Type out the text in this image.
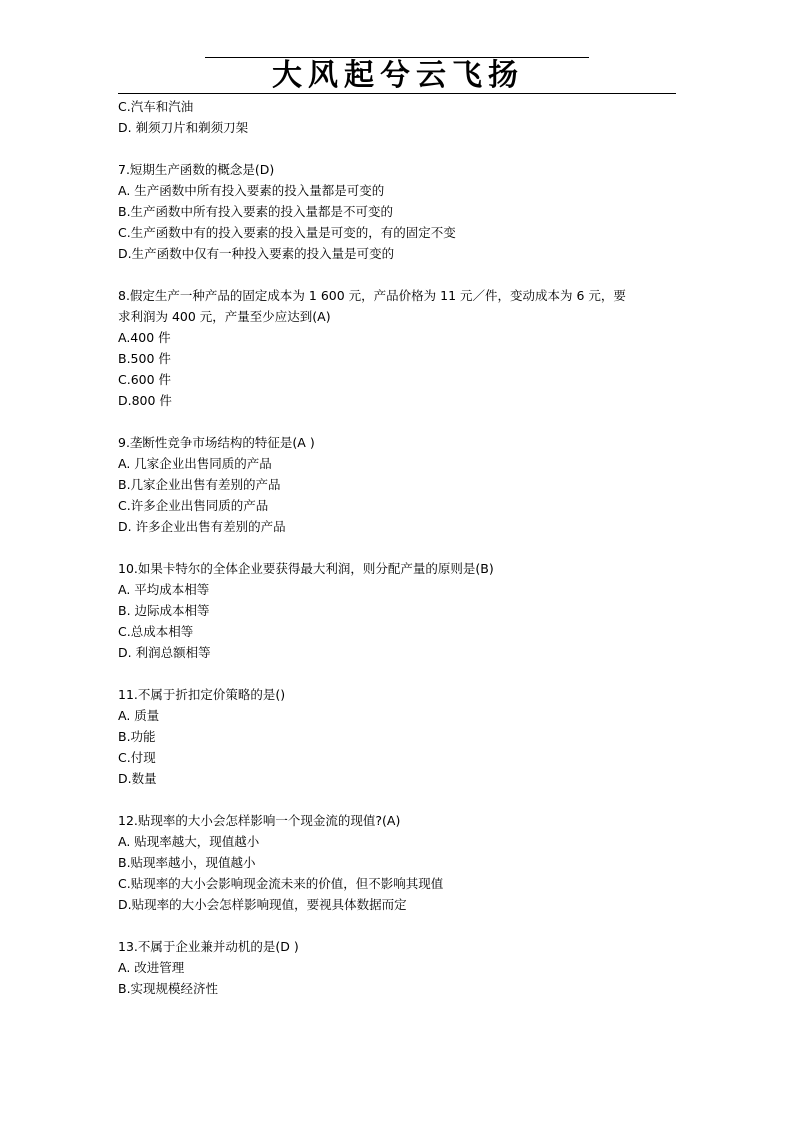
大风起兮云飞扬
C.汽车和汽油
D. 剃须刀片和剃须刀架
7.短期生产函数的概念是(D)
A. 生产函数中所有投入要素的投入量都是可变的
B.生产函数中所有投入要素的投入量都是不可变的
C.生产函数中有的投入要素的投入量是可变的，有的固定不变
D.生产函数中仅有一种投入要素的投入量是可变的
8.假定生产一种产品的固定成本为 1 600 元，产品价格为 11 元／件，变动成本为 6 元，要
求利润为 400 元，产量至少应达到(A)
A.400 件
B.500 件
C.600 件
D.800 件
9.垄断性竞争市场结构的特征是(A )
A. 几家企业出售同质的产品
B.几家企业出售有差别的产品
C.许多企业出售同质的产品
D. 许多企业出售有差别的产品
10.如果卡特尔的全体企业要获得最大利润，则分配产量的原则是(B)
A. 平均成本相等
B. 边际成本相等
C.总成本相等
D. 利润总额相等
11.不属于折扣定价策略的是()
A. 质量
B.功能
C.付现
D.数量
12.贴现率的大小会怎样影响一个现金流的现值?(A)
A. 贴现率越大，现值越小
B.贴现率越小，现值越小
C.贴现率的大小会影响现金流未来的价值，但不影响其现值
D.贴现率的大小会怎样影响现值，要视具体数据而定
13.不属于企业兼并动机的是(D )
A. 改进管理
B.实现规模经济性
